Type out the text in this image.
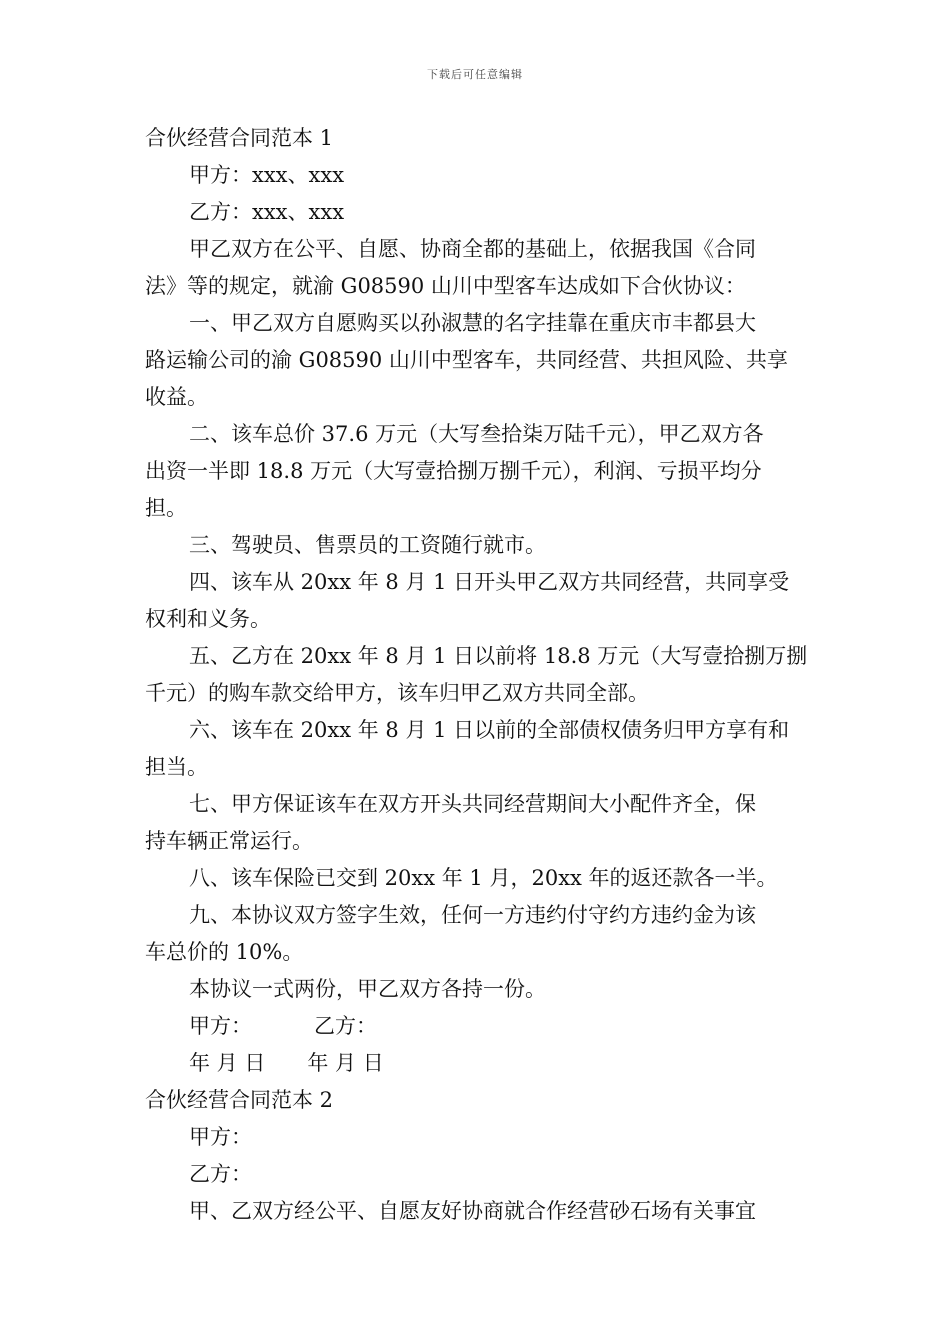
下载后可任意编辑
合伙经营合同范本 1
甲方：xxx、xxx
乙方：xxx、xxx
甲乙双方在公平、自愿、协商全都的基础上，依据我国《合同
法》等的规定，就渝 G08590 山川中型客车达成如下合伙协议：
一、甲乙双方自愿购买以孙淑慧的名字挂靠在重庆市丰都县大
路运输公司的渝 G08590 山川中型客车，共同经营、共担风险、共享
收益。
二、该车总价 37.6 万元（大写叁拾柒万陆千元），甲乙双方各
出资一半即 18.8 万元（大写壹拾捌万捌千元），利润、亏损平均分
担。
三、驾驶员、售票员的工资随行就市。
四、该车从 20xx 年 8 月 1 日开头甲乙双方共同经营，共同享受
权利和义务。
五、乙方在 20xx 年 8 月 1 日以前将 18.8 万元（大写壹拾捌万捌
千元）的购车款交给甲方，该车归甲乙双方共同全部。
六、该车在 20xx 年 8 月 1 日以前的全部债权债务归甲方享有和
担当。
七、甲方保证该车在双方开头共同经营期间大小配件齐全，保
持车辆正常运行。
八、该车保险已交到 20xx 年 1 月，20xx 年的返还款各一半。
九、本协议双方签字生效，任何一方违约付守约方违约金为该
车总价的 10%。
本协议一式两份，甲乙双方各持一份。
甲方：	乙方：
年 月 日 年 月 日
合伙经营合同范本 2
甲方：
乙方：
甲、乙双方经公平、自愿友好协商就合作经营砂石场有关事宜
